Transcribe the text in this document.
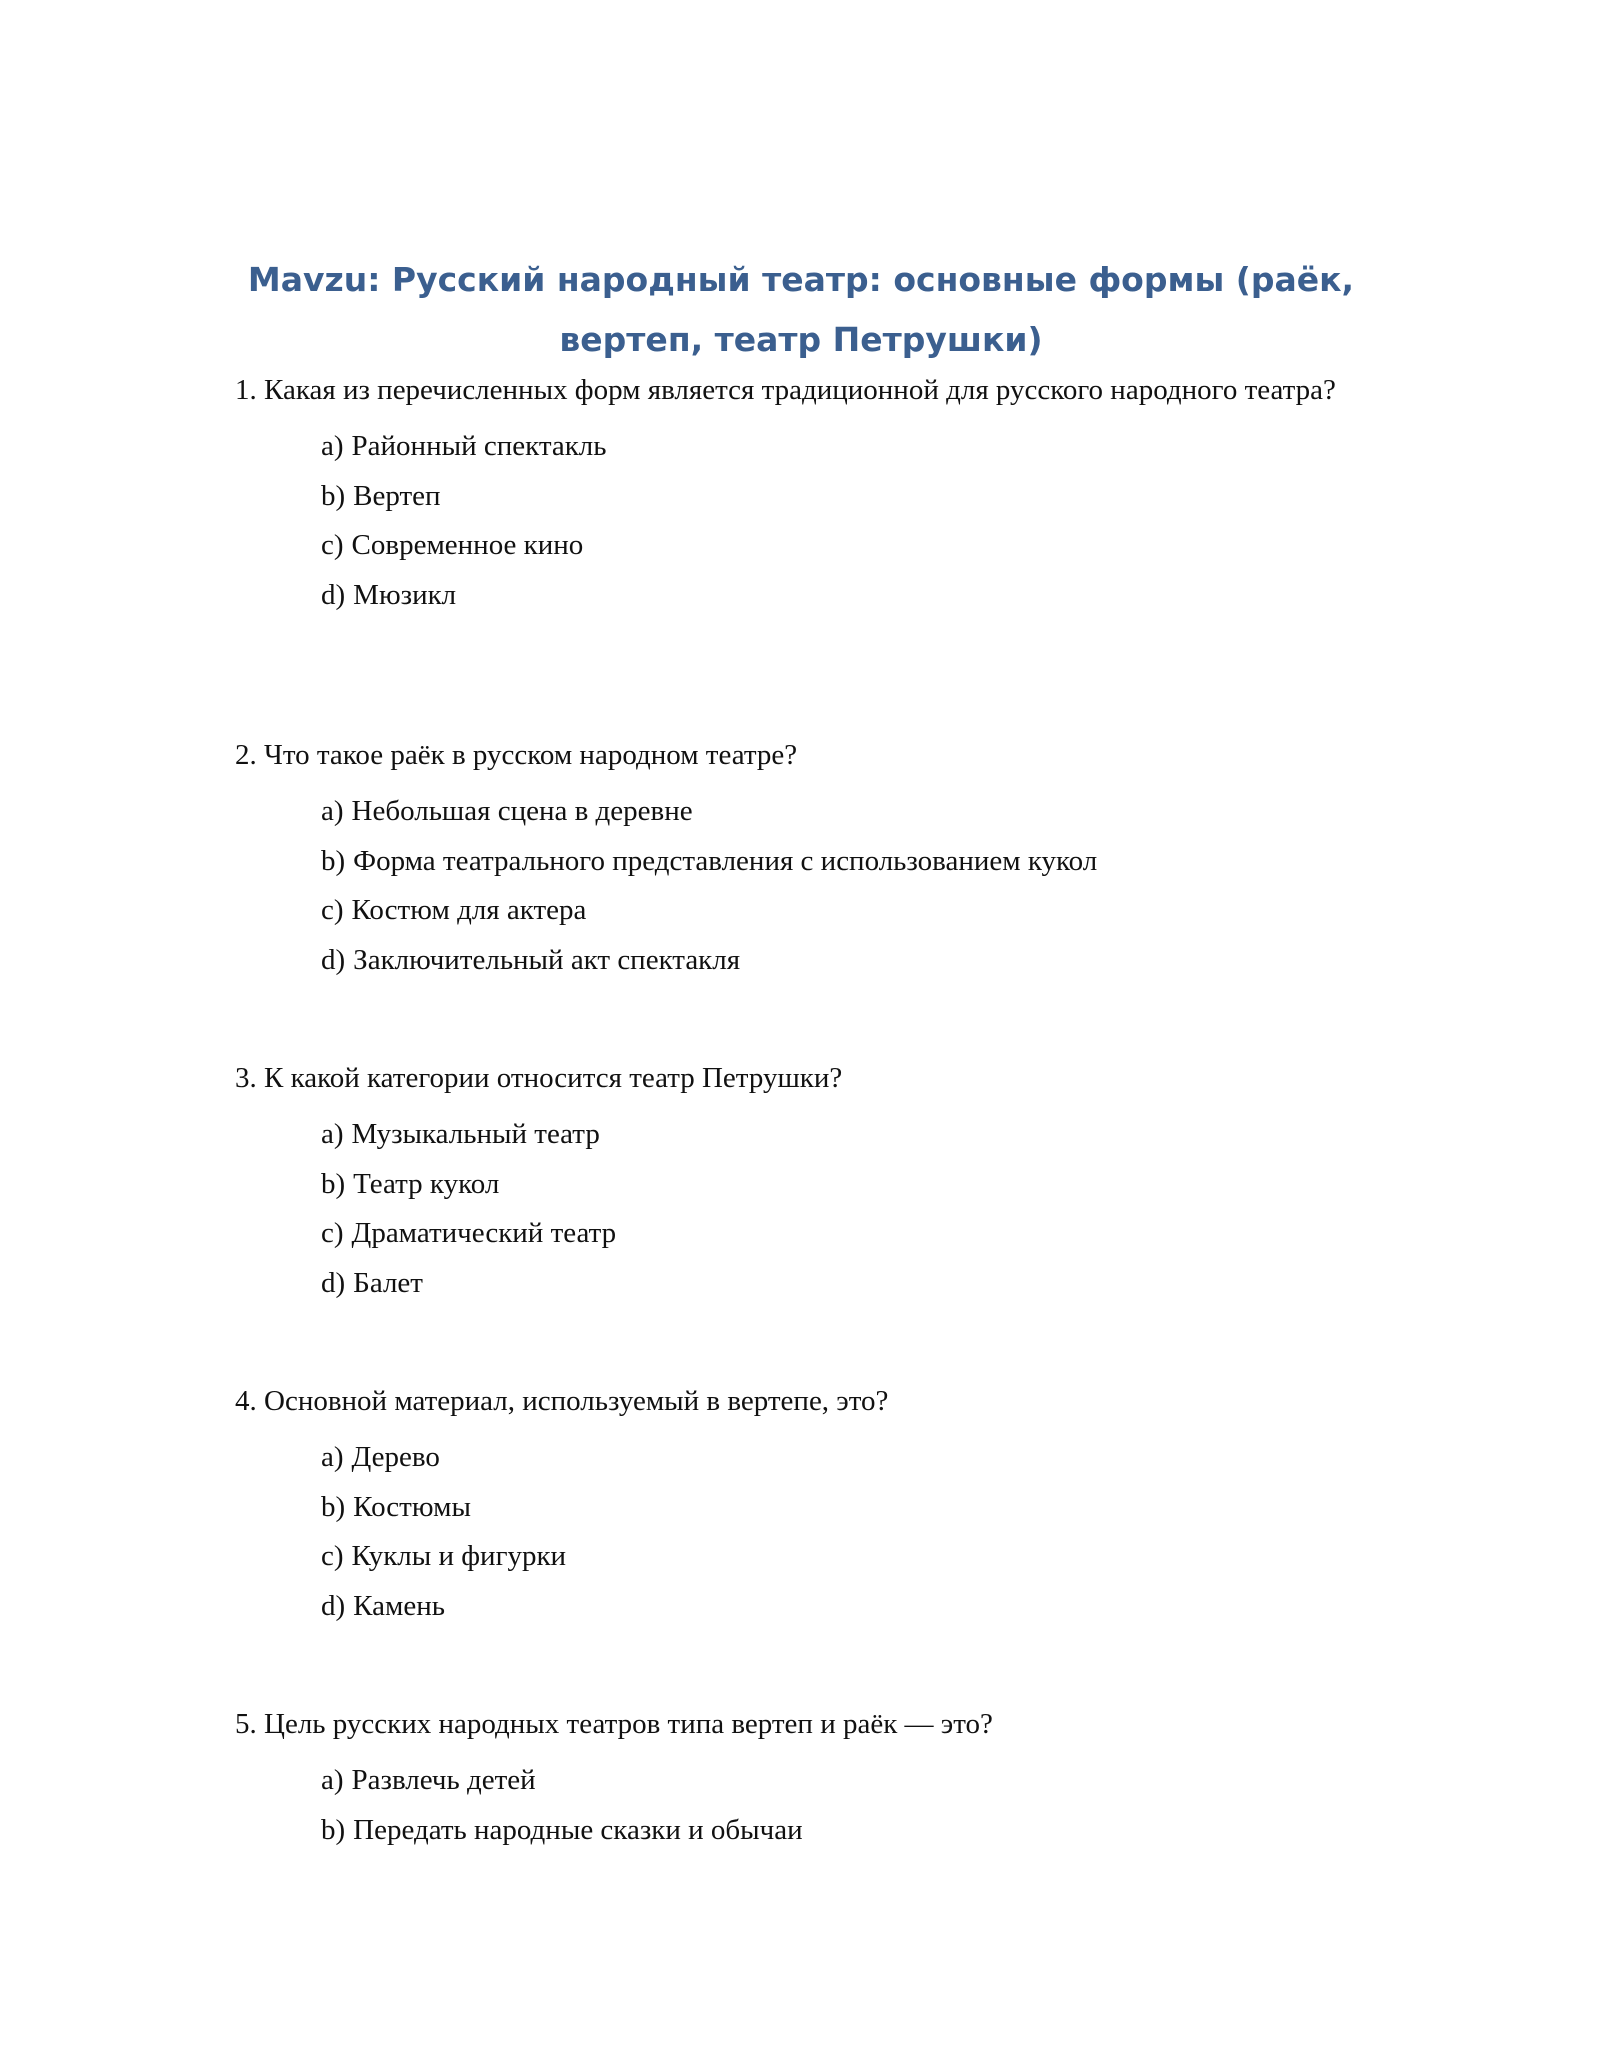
Mavzu: Русский народный театр: основные формы (раёк, вертеп, театр Петрушки)

1. Какая из перечисленных форм является традиционной для русского народного театра?

a) Районный спектакль
b) Вертеп
c) Современное кино
d) Мюзикл

2. Что такое раёк в русском народном театре?

a) Небольшая сцена в деревне
b) Форма театрального представления с использованием кукол
c) Костюм для актера
d) Заключительный акт спектакля

3. К какой категории относится театр Петрушки?

a) Музыкальный театр
b) Театр кукол
c) Драматический театр
d) Балет

4. Основной материал, используемый в вертепе, это?

a) Дерево
b) Костюмы
c) Куклы и фигурки
d) Камень

5. Цель русских народных театров типа вертеп и раёк — это?

a) Развлечь детей
b) Передать народные сказки и обычаи
